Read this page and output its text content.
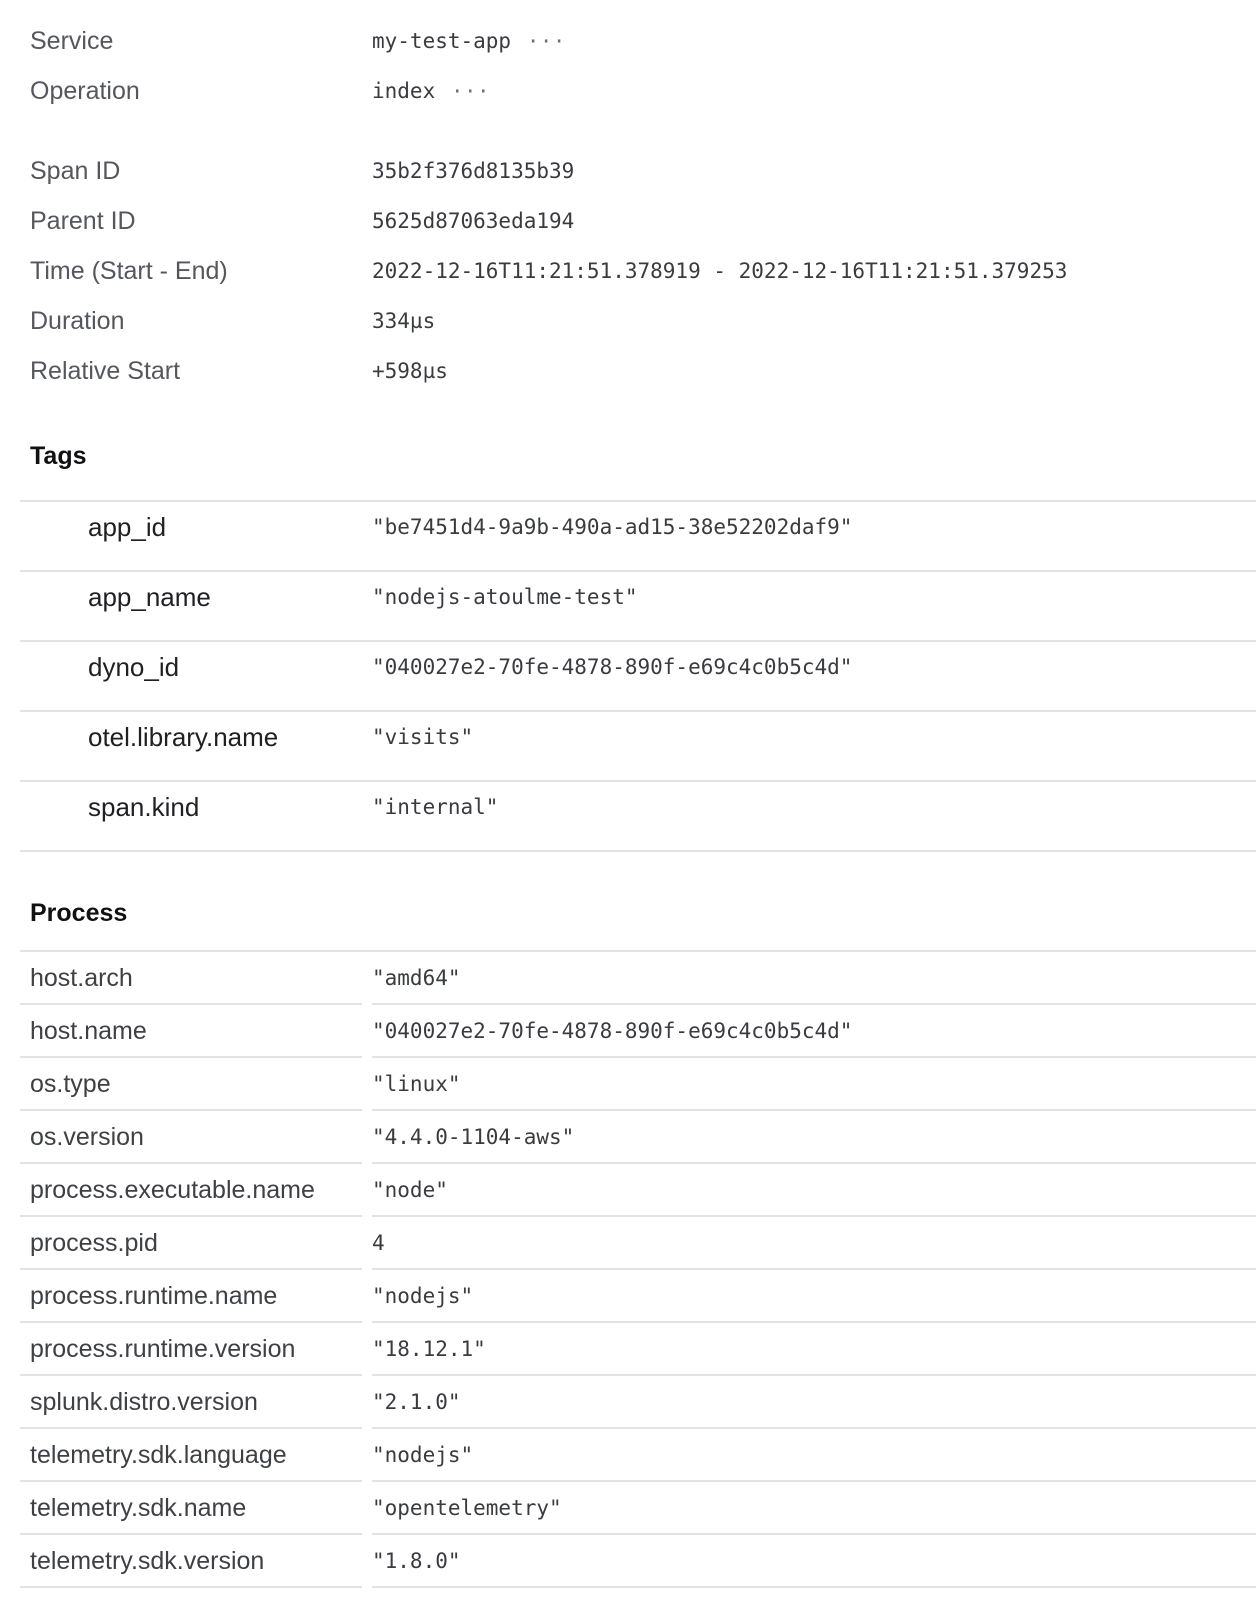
Service	my-test-app ···
Operation	index ···
Span ID	35b2f376d8135b39
Parent ID	5625d87063eda194
Time (Start - End)	2022-12-16T11:21:51.378919 - 2022-12-16T11:21:51.379253
Duration	334µs
Relative Start	+598µs
Tags
app_id	"be7451d4-9a9b-490a-ad15-38e52202daf9"
app_name	"nodejs-atoulme-test"
dyno_id	"040027e2-70fe-4878-890f-e69c4c0b5c4d"
otel.library.name	"visits"
span.kind	"internal"
Process
host.arch	"amd64"
host.name	"040027e2-70fe-4878-890f-e69c4c0b5c4d"
os.type	"linux"
os.version	"4.4.0-1104-aws"
process.executable.name	"node"
process.pid	4
process.runtime.name	"nodejs"
process.runtime.version	"18.12.1"
splunk.distro.version	"2.1.0"
telemetry.sdk.language	"nodejs"
telemetry.sdk.name	"opentelemetry"
telemetry.sdk.version	"1.8.0"
